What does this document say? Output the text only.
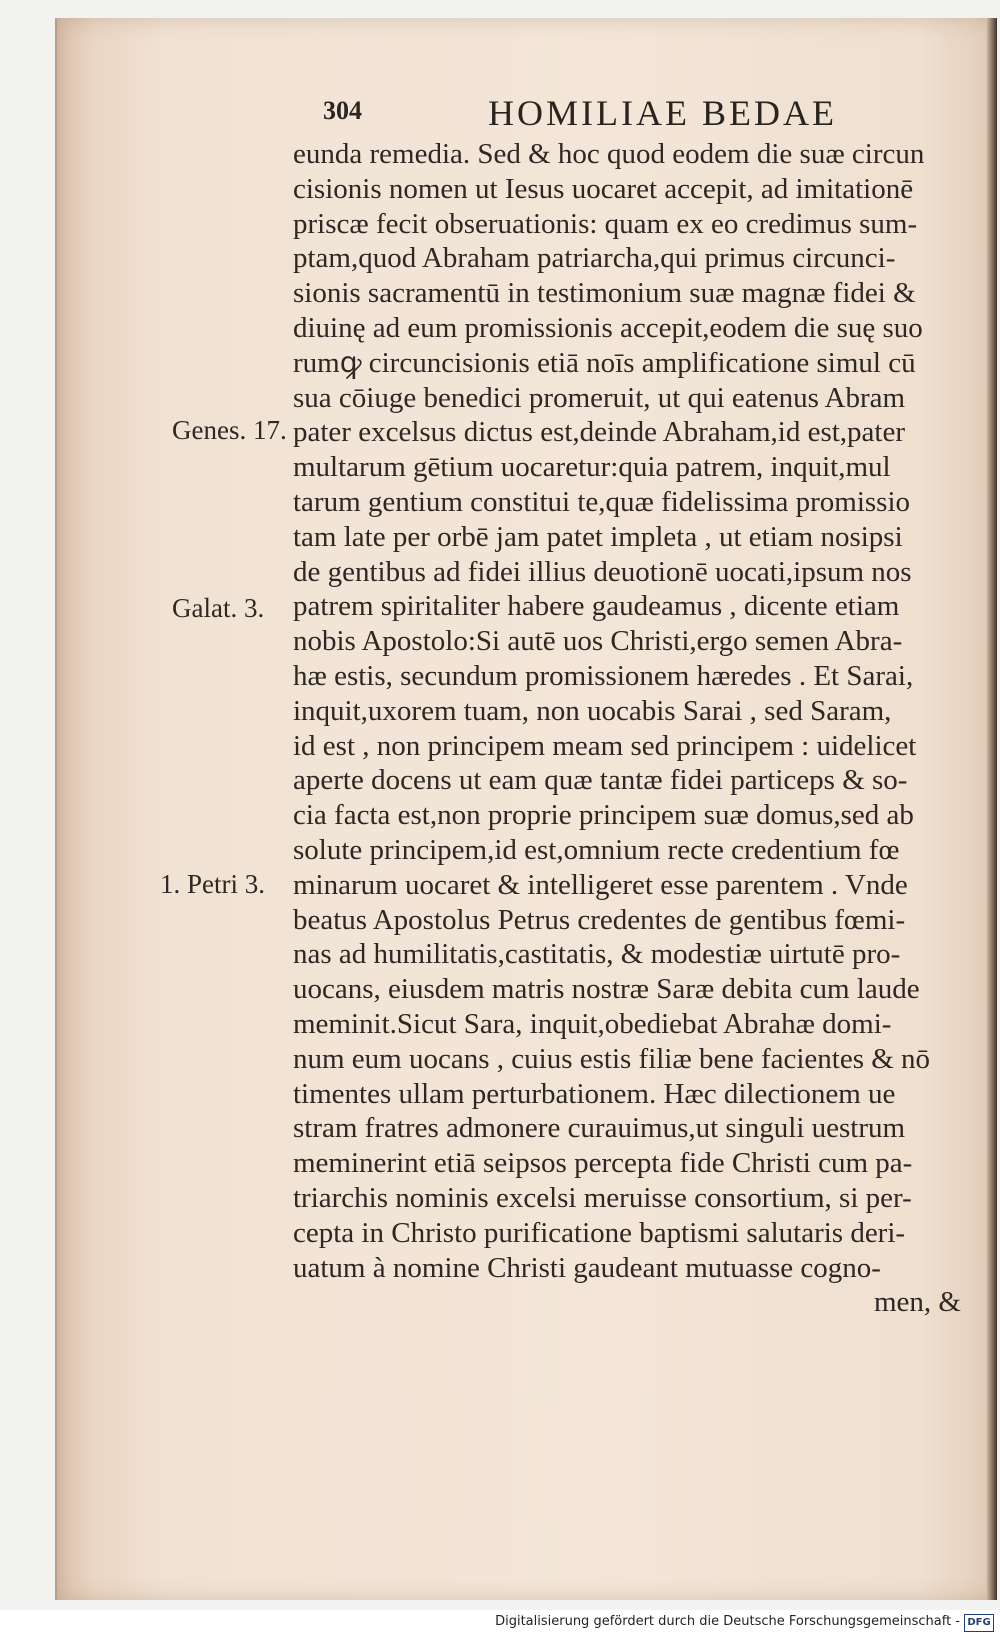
304	HOMILIAE BEDAE
Genes. 17.
Galat. 3.
1. Petri 3.
eunda remedia. Sed & hoc quod eodem die suæ circun
cisionis nomen ut Iesus uocaret accepit, ad imitationē
priscæ fecit obseruationis: quam ex eo credimus sum-
ptam,quod Abraham patriarcha,qui primus circunci-
sionis sacramentū in testimonium suæ magnæ fidei &
diuinę ad eum promissionis accepit,eodem die suę suo
rumꝙ circuncisionis etiā noīs amplificatione simul cū
sua cōiuge benedici promeruit, ut qui eatenus Abram
pater excelsus dictus est,deinde Abraham,id est,pater
multarum gētium uocaretur:quia patrem, inquit,mul
tarum gentium constitui te,quæ fidelissima promissio
tam late per orbē jam patet impleta , ut etiam nosipsi
de gentibus ad fidei illius deuotionē uocati,ipsum nos
patrem spiritaliter habere gaudeamus , dicente etiam
nobis Apostolo:Si autē uos Christi,ergo semen Abra-
hæ estis, secundum promissionem hæredes . Et Sarai,
inquit,uxorem tuam, non uocabis Sarai , sed Saram,
id est , non principem meam sed principem : uidelicet
aperte docens ut eam quæ tantæ fidei particeps & so-
cia facta est,non proprie principem suæ domus,sed ab
solute principem,id est,omnium recte credentium fœ
minarum uocaret & intelligeret esse parentem . Vnde
beatus Apostolus Petrus credentes de gentibus fœmi-
nas ad humilitatis,castitatis, & modestiæ uirtutē pro-
uocans, eiusdem matris nostræ Saræ debita cum laude
meminit.Sicut Sara, inquit,obediebat Abrahæ domi-
num eum uocans , cuius estis filiæ bene facientes & nō
timentes ullam perturbationem. Hæc dilectionem ue
stram fratres admonere curauimus,ut singuli uestrum
meminerint etiā seipsos percepta fide Christi cum pa-
triarchis nominis excelsi meruisse consortium, si per-
cepta in Christo purificatione baptismi salutaris deri-
uatum à nomine Christi gaudeant mutuasse cogno-
men, &
Digitalisierung gefördert durch die Deutsche Forschungsgemeinschaft - DFG
